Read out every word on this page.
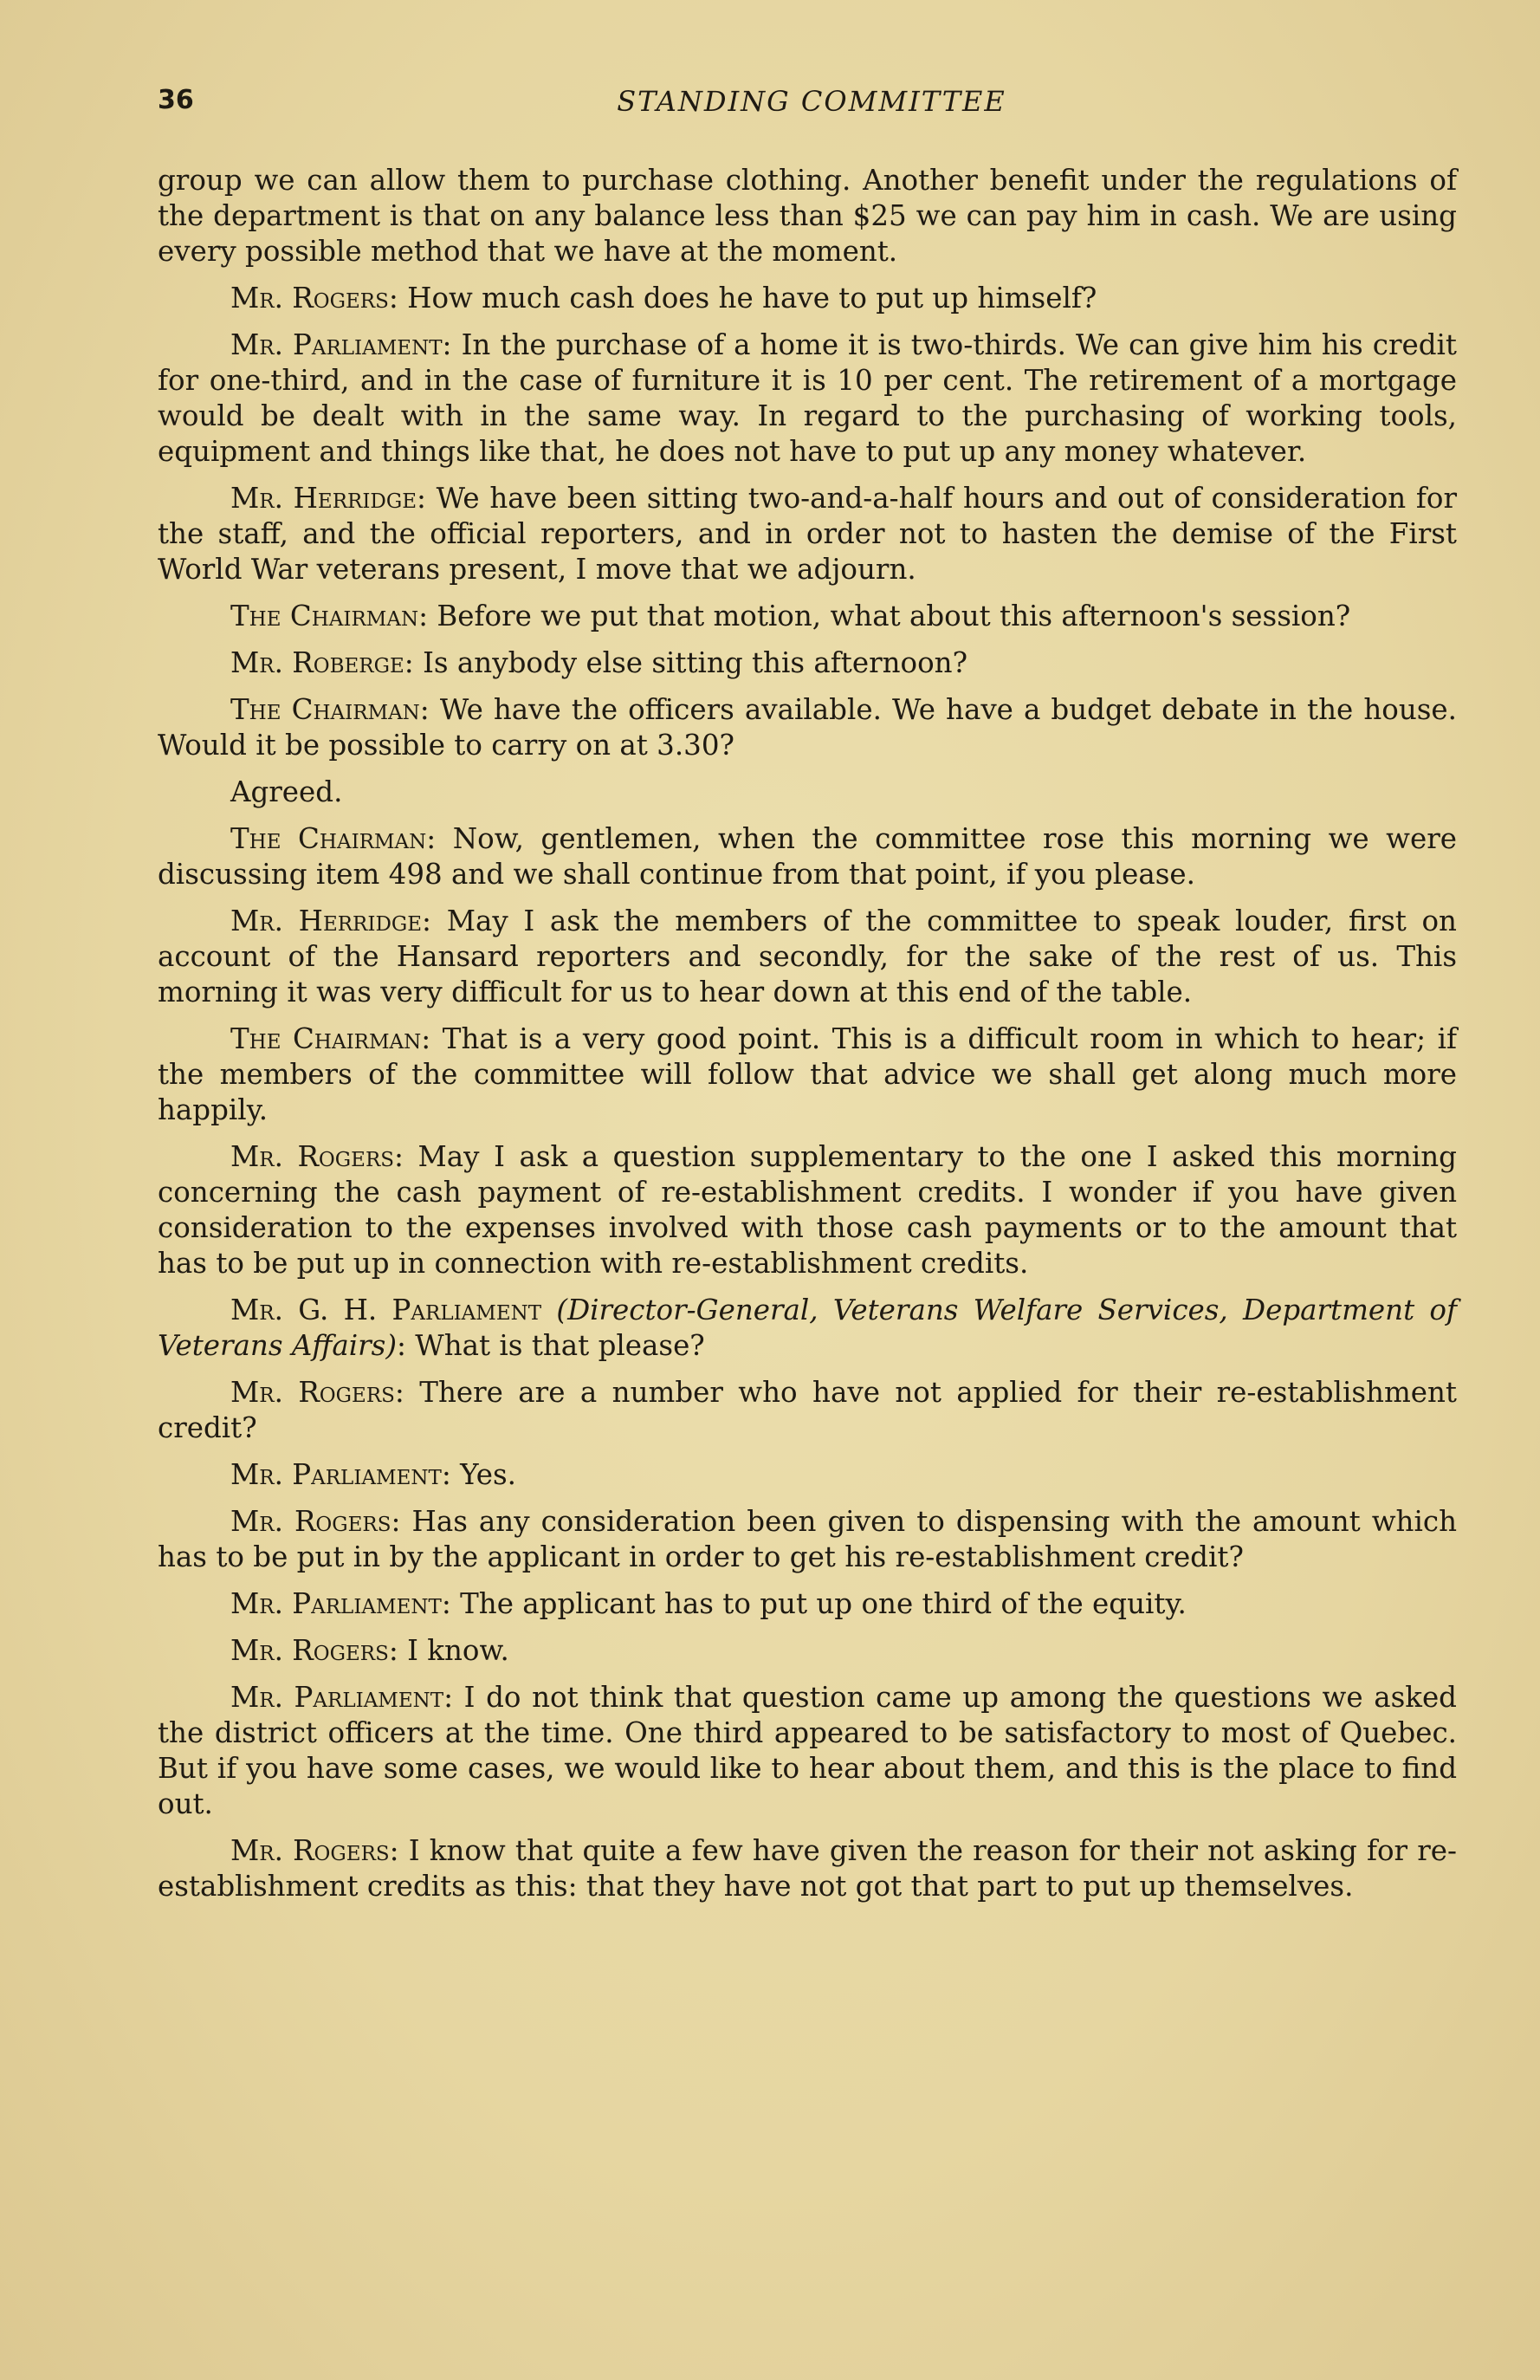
36	STANDING COMMITTEE

group we can allow them to purchase clothing. Another benefit under the regulations of the department is that on any balance less than $25 we can pay him in cash. We are using every possible method that we have at the moment.

Mr. Rogers: How much cash does he have to put up himself?

Mr. Parliament: In the purchase of a home it is two-thirds. We can give him his credit for one-third, and in the case of furniture it is 10 per cent. The retirement of a mortgage would be dealt with in the same way. In regard to the purchasing of working tools, equipment and things like that, he does not have to put up any money whatever.

Mr. Herridge: We have been sitting two-and-a-half hours and out of consideration for the staff, and the official reporters, and in order not to hasten the demise of the First World War veterans present, I move that we adjourn.

The Chairman: Before we put that motion, what about this afternoon's session?

Mr. Roberge: Is anybody else sitting this afternoon?

The Chairman: We have the officers available. We have a budget debate in the house. Would it be possible to carry on at 3.30?

Agreed.

The Chairman: Now, gentlemen, when the committee rose this morning we were discussing item 498 and we shall continue from that point, if you please.

Mr. Herridge: May I ask the members of the committee to speak louder, first on account of the Hansard reporters and secondly, for the sake of the rest of us. This morning it was very difficult for us to hear down at this end of the table.

The Chairman: That is a very good point. This is a difficult room in which to hear; if the members of the committee will follow that advice we shall get along much more happily.

Mr. Rogers: May I ask a question supplementary to the one I asked this morning concerning the cash payment of re-establishment credits. I wonder if you have given consideration to the expenses involved with those cash payments or to the amount that has to be put up in connection with re-establishment credits.

Mr. G. H. Parliament (Director-General, Veterans Welfare Services, Department of Veterans Affairs): What is that please?

Mr. Rogers: There are a number who have not applied for their re-establishment credit?

Mr. Parliament: Yes.

Mr. Rogers: Has any consideration been given to dispensing with the amount which has to be put in by the applicant in order to get his re-establishment credit?

Mr. Parliament: The applicant has to put up one third of the equity.

Mr. Rogers: I know.

Mr. Parliament: I do not think that question came up among the questions we asked the district officers at the time. One third appeared to be satisfactory to most of Quebec. But if you have some cases, we would like to hear about them, and this is the place to find out.

Mr. Rogers: I know that quite a few have given the reason for their not asking for re-establishment credits as this: that they have not got that part to put up themselves.
